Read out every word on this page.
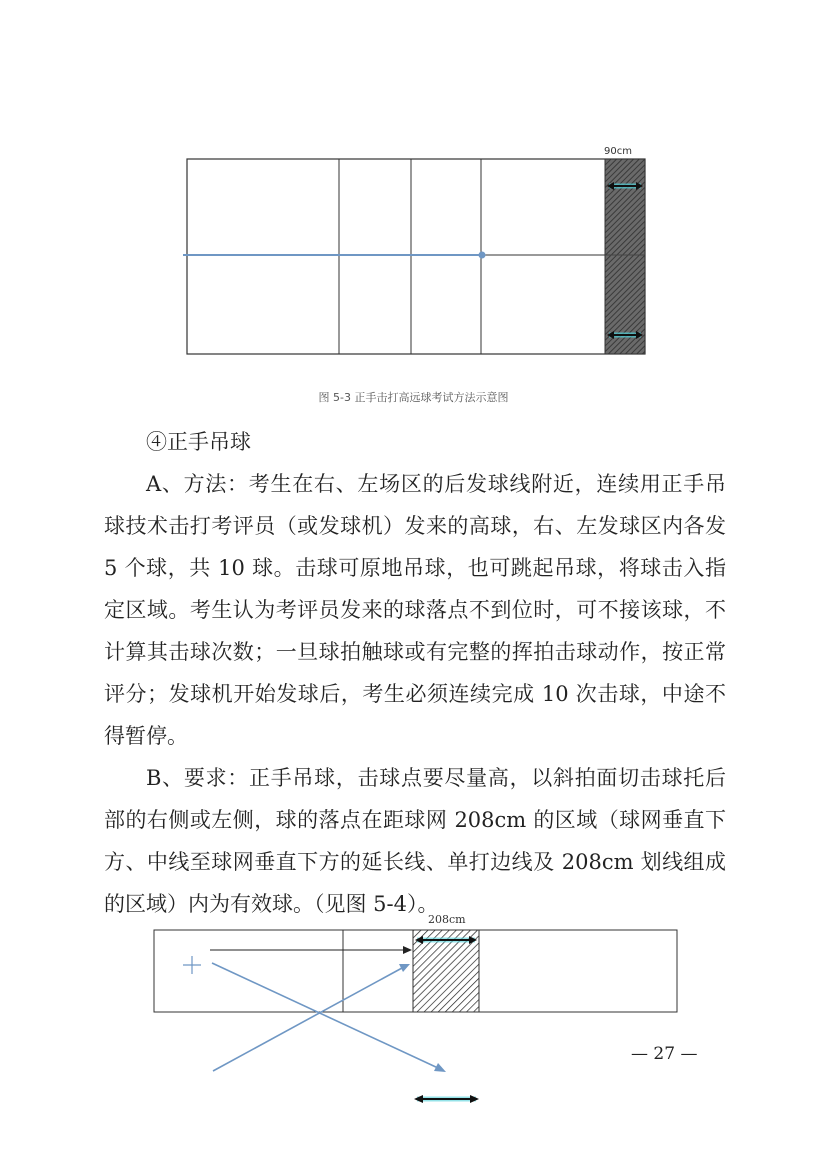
90cm
图 5-3 正手击打高远球考试方法示意图
④正手吊球

A、方法：考生在右、左场区的后发球线附近，连续用正手吊球技术击打考评员（或发球机）发来的高球，右、左发球区内各发 5 个球，共 10 球。击球可原地吊球，也可跳起吊球，将球击入指定区域。考生认为考评员发来的球落点不到位时，可不接该球，不计算其击球次数；一旦球拍触球或有完整的挥拍击球动作，按正常评分；发球机开始发球后，考生必须连续完成 10 次击球，中途不得暂停。

B、要求：正手吊球，击球点要尽量高，以斜拍面切击球托后部的右侧或左侧，球的落点在距球网 208cm 的区域（球网垂直下方、中线至球网垂直下方的延长线、单打边线及 208cm 划线组成的区域）内为有效球。（见图 5-4）。

208cm
— 27 —
